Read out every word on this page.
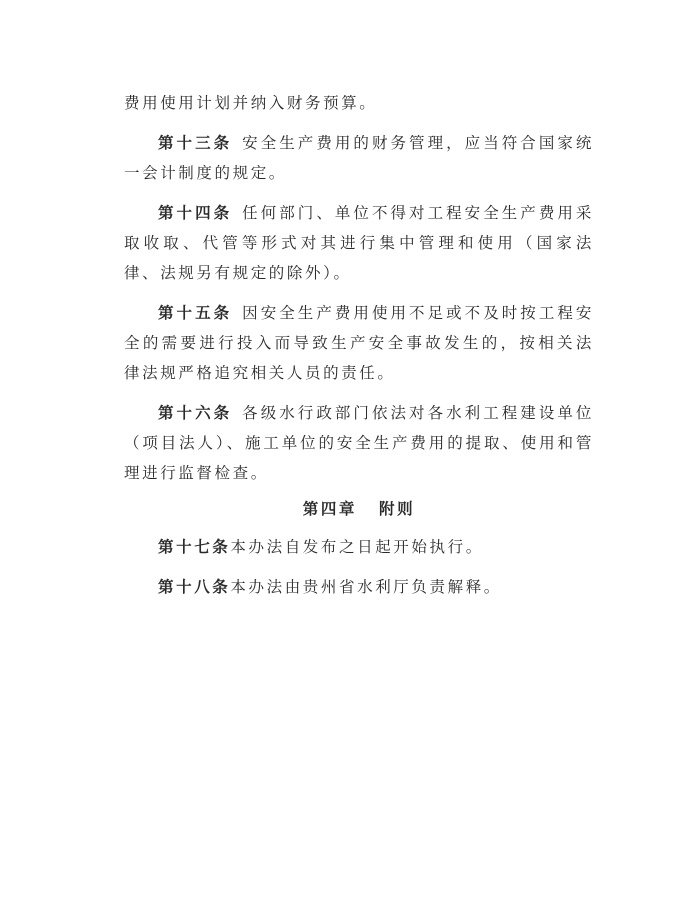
费用使用计划并纳入财务预算。

第十三条 安全生产费用的财务管理，应当符合国家统一会计制度的规定。

第十四条 任何部门、单位不得对工程安全生产费用采取收取、代管等形式对其进行集中管理和使用（国家法律、法规另有规定的除外）。

第十五条 因安全生产费用使用不足或不及时按工程安全的需要进行投入而导致生产安全事故发生的，按相关法律法规严格追究相关人员的责任。

第十六条 各级水行政部门依法对各水利工程建设单位（项目法人）、施工单位的安全生产费用的提取、使用和管理进行监督检查。

第四章 附则

第十七条本办法自发布之日起开始执行。

第十八条本办法由贵州省水利厅负责解释。
